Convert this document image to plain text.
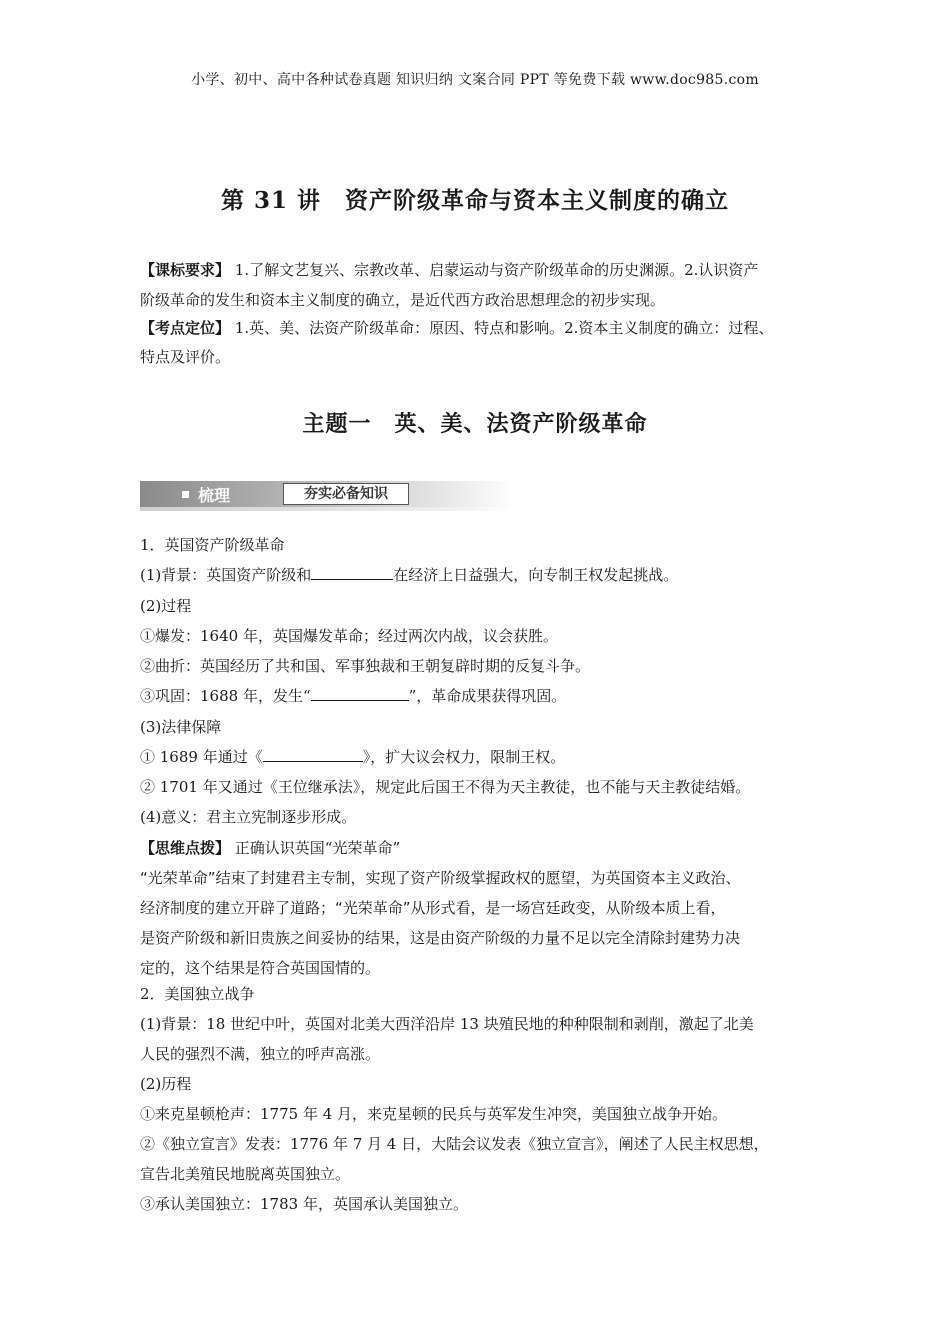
小学、初中、高中各种试卷真题 知识归纳 文案合同 PPT 等免费下载 www.doc985.com
第 31 讲　资产阶级革命与资本主义制度的确立
【课标要求】 1.了解文艺复兴、宗教改革、启蒙运动与资产阶级革命的历史渊源。2.认识资产
阶级革命的发生和资本主义制度的确立，是近代西方政治思想理念的初步实现。
【考点定位】 1.英、美、法资产阶级革命：原因、特点和影响。2.资本主义制度的确立：过程、
特点及评价。
主题一　英、美、法资产阶级革命
梳理	夯实必备知识
1．英国资产阶级革命
(1)背景：英国资产阶级和	在经济上日益强大，向专制王权发起挑战。
(2)过程
①爆发：1640 年，英国爆发革命；经过两次内战，议会获胜。
②曲折：英国经历了共和国、军事独裁和王朝复辟时期的反复斗争。
③巩固：1688 年，发生“	”，革命成果获得巩固。
(3)法律保障
① 1689 年通过《	》，扩大议会权力，限制王权。
② 1701 年又通过《王位继承法》，规定此后国王不得为天主教徒，也不能与天主教徒结婚。
(4)意义：君主立宪制逐步形成。
【思维点拨】 正确认识英国“光荣革命”
“光荣革命”结束了封建君主专制，实现了资产阶级掌握政权的愿望，为英国资本主义政治、
经济制度的建立开辟了道路；“光荣革命”从形式看，是一场宫廷政变，从阶级本质上看，
是资产阶级和新旧贵族之间妥协的结果，这是由资产阶级的力量不足以完全清除封建势力决
定的，这个结果是符合英国国情的。
2．美国独立战争
(1)背景：18 世纪中叶，英国对北美大西洋沿岸 13 块殖民地的种种限制和剥削，激起了北美
人民的强烈不满，独立的呼声高涨。
(2)历程
①来克星顿枪声：1775 年 4 月，来克星顿的民兵与英军发生冲突，美国独立战争开始。
②《独立宣言》发表：1776 年 7 月 4 日，大陆会议发表《独立宣言》，阐述了人民主权思想，
宣告北美殖民地脱离英国独立。
③承认美国独立：1783 年，英国承认美国独立。
